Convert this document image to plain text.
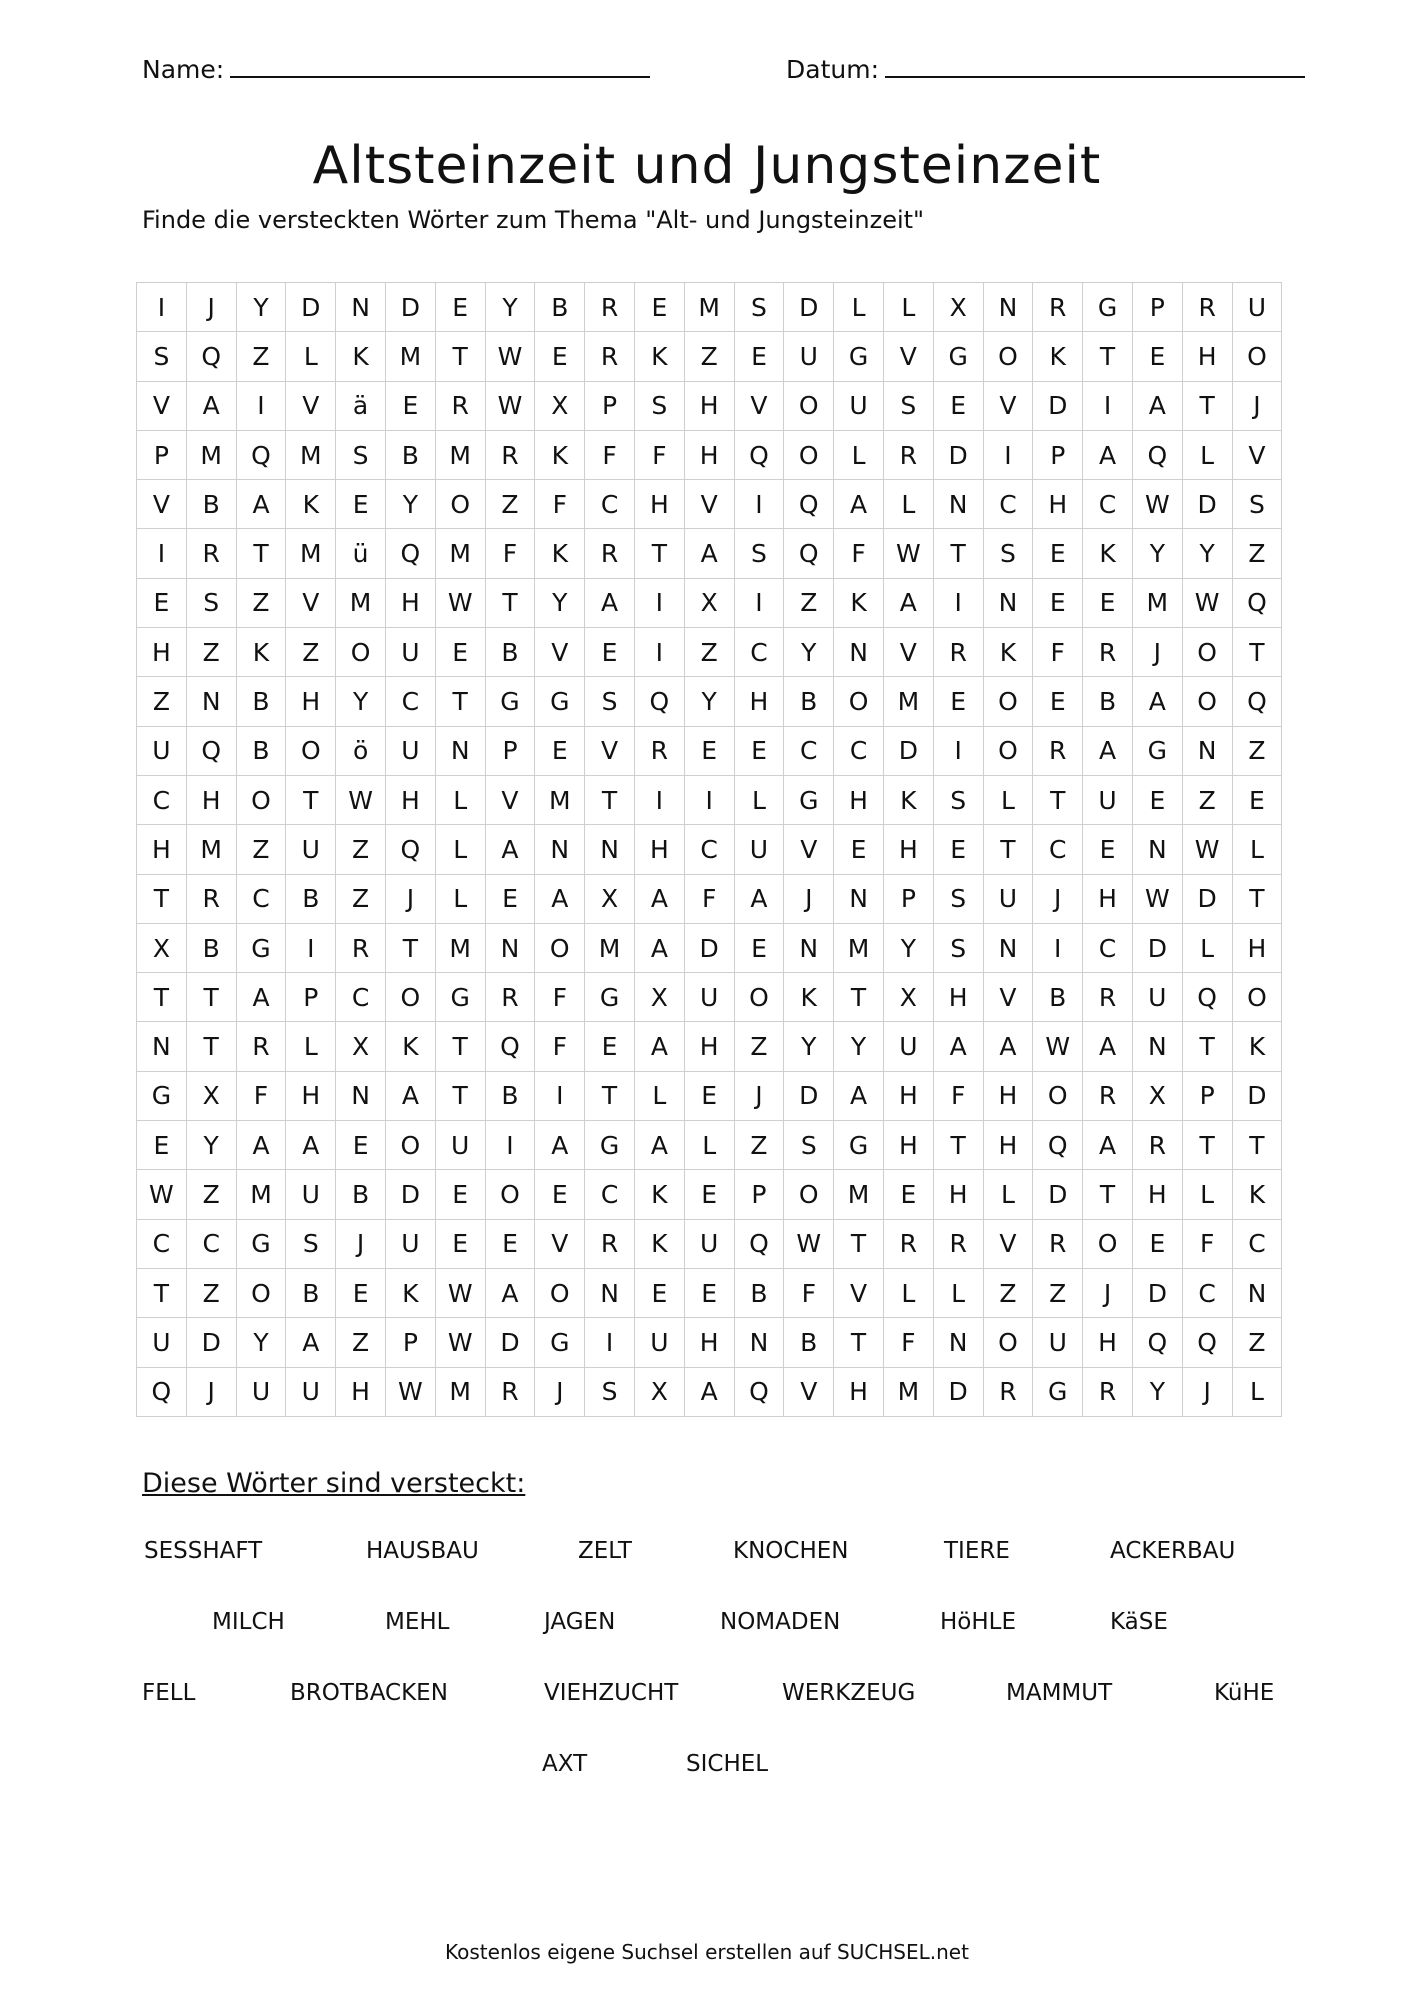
Name:	Datum:
Altsteinzeit und Jungsteinzeit
Finde die versteckten Wörter zum Thema "Alt- und Jungsteinzeit"
I	J	Y	D	N	D	E	Y	B	R	E	M	S	D	L	L	X	N	R	G	P	R	U
S	Q	Z	L	K	M	T	W	E	R	K	Z	E	U	G	V	G	O	K	T	E	H	O
V	A	I	V	ä	E	R	W	X	P	S	H	V	O	U	S	E	V	D	I	A	T	J
P	M	Q	M	S	B	M	R	K	F	F	H	Q	O	L	R	D	I	P	A	Q	L	V
V	B	A	K	E	Y	O	Z	F	C	H	V	I	Q	A	L	N	C	H	C	W	D	S
I	R	T	M	ü	Q	M	F	K	R	T	A	S	Q	F	W	T	S	E	K	Y	Y	Z
E	S	Z	V	M	H	W	T	Y	A	I	X	I	Z	K	A	I	N	E	E	M	W	Q
H	Z	K	Z	O	U	E	B	V	E	I	Z	C	Y	N	V	R	K	F	R	J	O	T
Z	N	B	H	Y	C	T	G	G	S	Q	Y	H	B	O	M	E	O	E	B	A	O	Q
U	Q	B	O	ö	U	N	P	E	V	R	E	E	C	C	D	I	O	R	A	G	N	Z
C	H	O	T	W	H	L	V	M	T	I	I	L	G	H	K	S	L	T	U	E	Z	E
H	M	Z	U	Z	Q	L	A	N	N	H	C	U	V	E	H	E	T	C	E	N	W	L
T	R	C	B	Z	J	L	E	A	X	A	F	A	J	N	P	S	U	J	H	W	D	T
X	B	G	I	R	T	M	N	O	M	A	D	E	N	M	Y	S	N	I	C	D	L	H
T	T	A	P	C	O	G	R	F	G	X	U	O	K	T	X	H	V	B	R	U	Q	O
N	T	R	L	X	K	T	Q	F	E	A	H	Z	Y	Y	U	A	A	W	A	N	T	K
G	X	F	H	N	A	T	B	I	T	L	E	J	D	A	H	F	H	O	R	X	P	D
E	Y	A	A	E	O	U	I	A	G	A	L	Z	S	G	H	T	H	Q	A	R	T	T
W	Z	M	U	B	D	E	O	E	C	K	E	P	O	M	E	H	L	D	T	H	L	K
C	C	G	S	J	U	E	E	V	R	K	U	Q	W	T	R	R	V	R	O	E	F	C
T	Z	O	B	E	K	W	A	O	N	E	E	B	F	V	L	L	Z	Z	J	D	C	N
U	D	Y	A	Z	P	W	D	G	I	U	H	N	B	T	F	N	O	U	H	Q	Q	Z
Q	J	U	U	H	W	M	R	J	S	X	A	Q	V	H	M	D	R	G	R	Y	J	L
Diese Wörter sind versteckt:
SESSHAFT	HAUSBAU	ZELT	KNOCHEN	TIERE	ACKERBAU
MILCH	MEHL	JAGEN	NOMADEN	HöHLE	KäSE
FELL	BROTBACKEN	VIEHZUCHT	WERKZEUG	MAMMUT	KüHE
AXT	SICHEL
Kostenlos eigene Suchsel erstellen auf SUCHSEL.net
